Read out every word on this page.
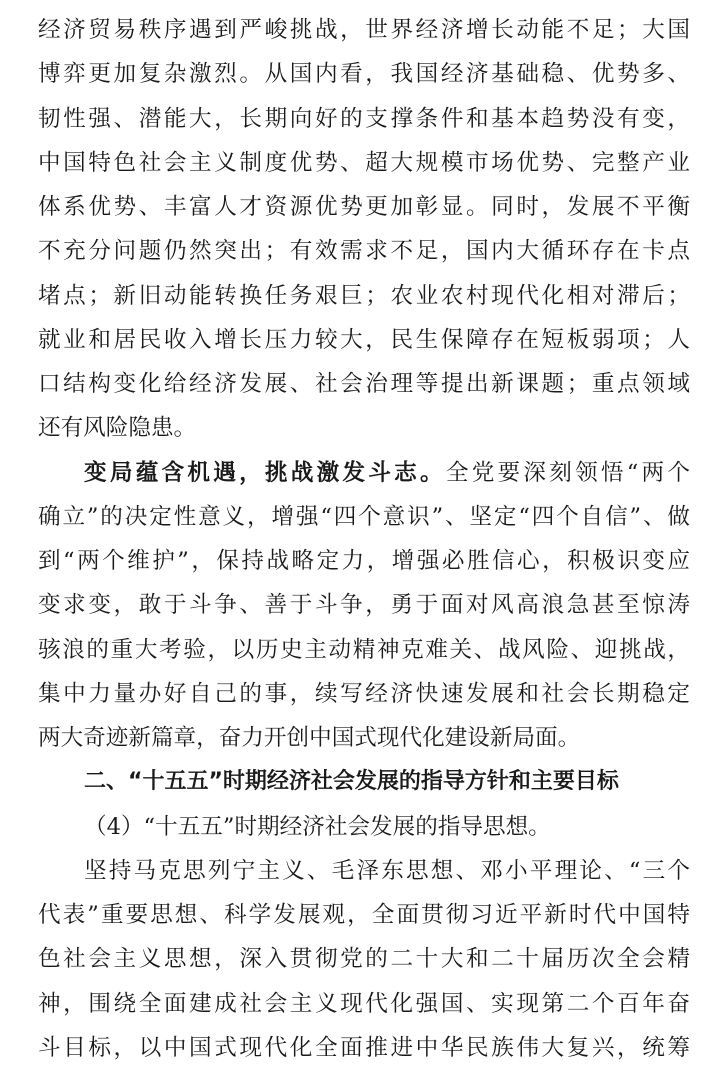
经济贸易秩序遇到严峻挑战，世界经济增长动能不足；大国
博弈更加复杂激烈。从国内看，我国经济基础稳、优势多、
韧性强、潜能大，长期向好的支撑条件和基本趋势没有变，
中国特色社会主义制度优势、超大规模市场优势、完整产业
体系优势、丰富人才资源优势更加彰显。同时，发展不平衡
不充分问题仍然突出；有效需求不足，国内大循环存在卡点
堵点；新旧动能转换任务艰巨；农业农村现代化相对滞后；
就业和居民收入增长压力较大，民生保障存在短板弱项；人
口结构变化给经济发展、社会治理等提出新课题；重点领域
还有风险隐患。
变局蕴含机遇，挑战激发斗志。全党要深刻领悟“两个
确立”的决定性意义，增强“四个意识”、坚定“四个自信”、做
到“两个维护”，保持战略定力，增强必胜信心，积极识变应
变求变，敢于斗争、善于斗争，勇于面对风高浪急甚至惊涛
骇浪的重大考验，以历史主动精神克难关、战风险、迎挑战，
集中力量办好自己的事，续写经济快速发展和社会长期稳定
两大奇迹新篇章，奋力开创中国式现代化建设新局面。
二、“十五五”时期经济社会发展的指导方针和主要目标
（4）“十五五”时期经济社会发展的指导思想。
坚持马克思列宁主义、毛泽东思想、邓小平理论、“三个
代表”重要思想、科学发展观，全面贯彻习近平新时代中国特
色社会主义思想，深入贯彻党的二十大和二十届历次全会精
神，围绕全面建成社会主义现代化强国、实现第二个百年奋
斗目标，以中国式现代化全面推进中华民族伟大复兴，统筹
